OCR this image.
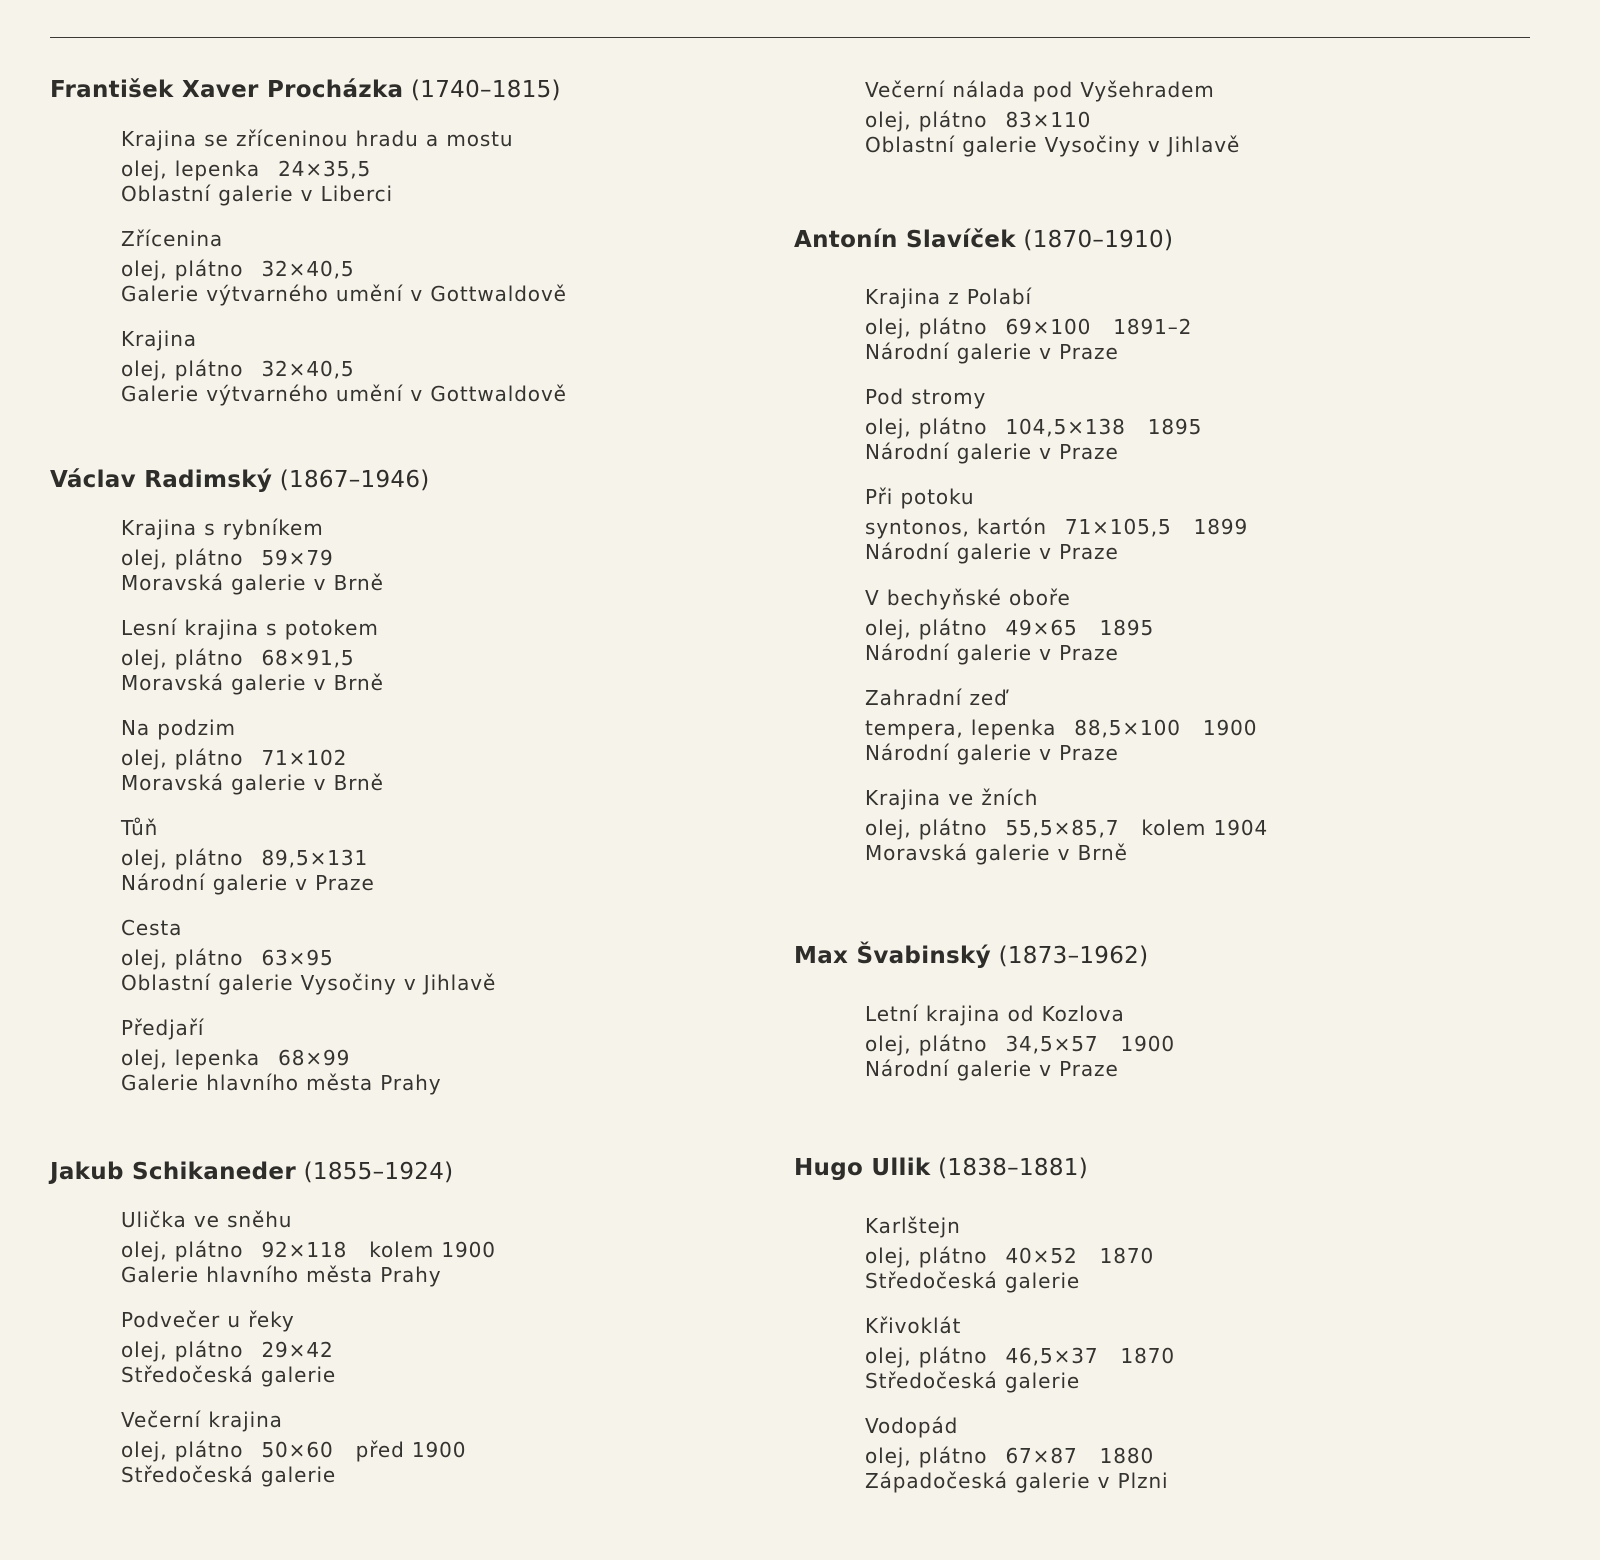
František Xaver Procházka (1740–1815)
Krajina se zříceninou hradu a mostu
olej, lepenka 24×35,5
Oblastní galerie v Liberci
Zřícenina
olej, plátno 32×40,5
Galerie výtvarného umění v Gottwaldově
Krajina
olej, plátno 32×40,5
Galerie výtvarného umění v Gottwaldově
Václav Radimský (1867–1946)
Krajina s rybníkem
olej, plátno 59×79
Moravská galerie v Brně
Lesní krajina s potokem
olej, plátno 68×91,5
Moravská galerie v Brně
Na podzim
olej, plátno 71×102
Moravská galerie v Brně
Tůň
olej, plátno 89,5×131
Národní galerie v Praze
Cesta
olej, plátno 63×95
Oblastní galerie Vysočiny v Jihlavě
Předjaří
olej, lepenka 68×99
Galerie hlavního města Prahy
Jakub Schikaneder (1855–1924)
Ulička ve sněhu
olej, plátno 92×118 kolem 1900
Galerie hlavního města Prahy
Podvečer u řeky
olej, plátno 29×42
Středočeská galerie
Večerní krajina
olej, plátno 50×60 před 1900
Středočeská galerie
Večerní nálada pod Vyšehradem
olej, plátno 83×110
Oblastní galerie Vysočiny v Jihlavě
Antonín Slavíček (1870–1910)
Krajina z Polabí
olej, plátno 69×100 1891–2
Národní galerie v Praze
Pod stromy
olej, plátno 104,5×138 1895
Národní galerie v Praze
Při potoku
syntonos, kartón 71×105,5 1899
Národní galerie v Praze
V bechyňské oboře
olej, plátno 49×65 1895
Národní galerie v Praze
Zahradní zeď
tempera, lepenka 88,5×100 1900
Národní galerie v Praze
Krajina ve žních
olej, plátno 55,5×85,7 kolem 1904
Moravská galerie v Brně
Max Švabinský (1873–1962)
Letní krajina od Kozlova
olej, plátno 34,5×57 1900
Národní galerie v Praze
Hugo Ullik (1838–1881)
Karlštejn
olej, plátno 40×52 1870
Středočeská galerie
Křivoklát
olej, plátno 46,5×37 1870
Středočeská galerie
Vodopád
olej, plátno 67×87 1880
Západočeská galerie v Plzni
